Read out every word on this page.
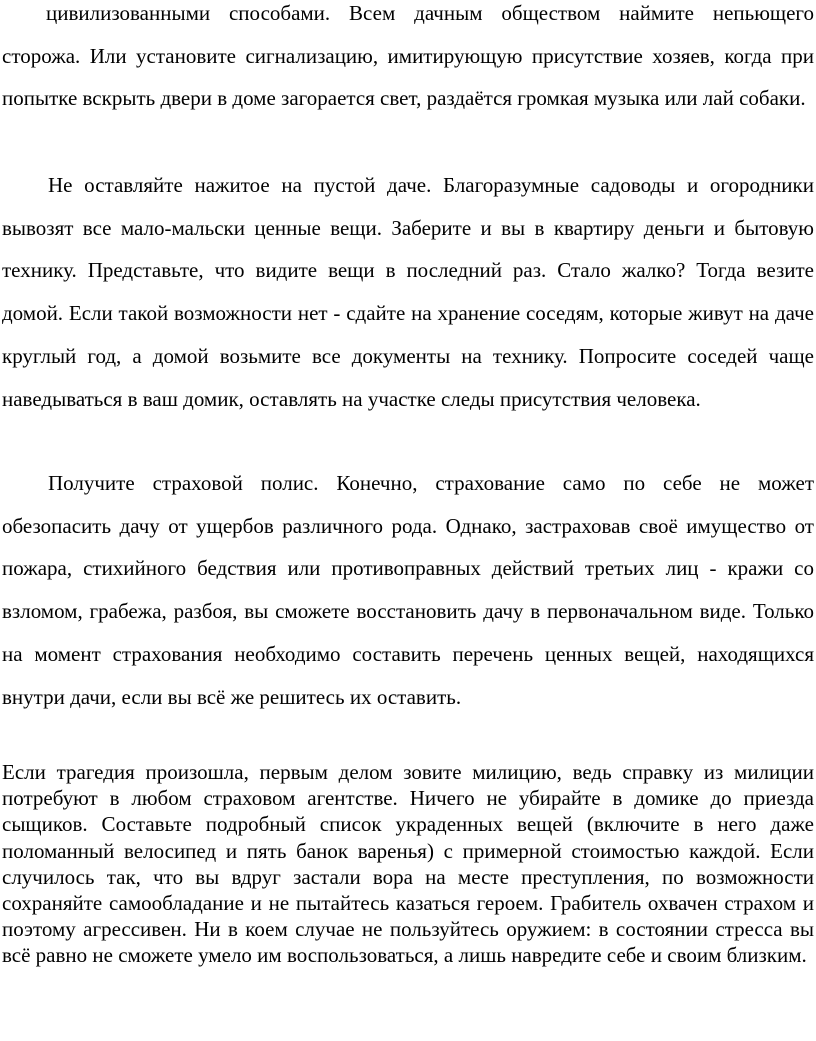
цивилизованными способами. Всем дачным обществом наймите непьющего сторожа. Или установите сигнализацию, имитирующую присутствие хозяев, когда при попытке вскрыть двери в доме загорается свет, раздаётся громкая музыка или лай собаки.

Не оставляйте нажитое на пустой даче. Благоразумные садоводы и огородники вывозят все мало-мальски ценные вещи. Заберите и вы в квартиру деньги и бытовую технику. Представьте, что видите вещи в последний раз. Стало жалко? Тогда везите домой. Если такой возможности нет - сдайте на хранение соседям, которые живут на даче круглый год, а домой возьмите все документы на технику. Попросите соседей чаще наведываться в ваш домик, оставлять на участке следы присутствия человека.

Получите страховой полис. Конечно, страхование само по себе не может обезопасить дачу от ущербов различного рода. Однако, застраховав своё имущество от пожара, стихийного бедствия или противоправных действий третьих лиц - кражи со взломом, грабежа, разбоя, вы сможете восстановить дачу в первоначальном виде. Только на момент страхования необходимо составить перечень ценных вещей, находящихся внутри дачи, если вы всё же решитесь их оставить.

Если трагедия произошла, первым делом зовите милицию, ведь справку из милиции потребуют в любом страховом агентстве. Ничего не убирайте в домике до приезда сыщиков. Составьте подробный список украденных вещей (включите в него даже поломанный велосипед и пять банок варенья) с примерной стоимостью каждой. Если случилось так, что вы вдруг застали вора на месте преступления, по возможности сохраняйте самообладание и не пытайтесь казаться героем. Грабитель охвачен страхом и поэтому агрессивен. Ни в коем случае не пользуйтесь оружием: в состоянии стресса вы всё равно не сможете умело им воспользоваться, а лишь навредите себе и своим близким.
